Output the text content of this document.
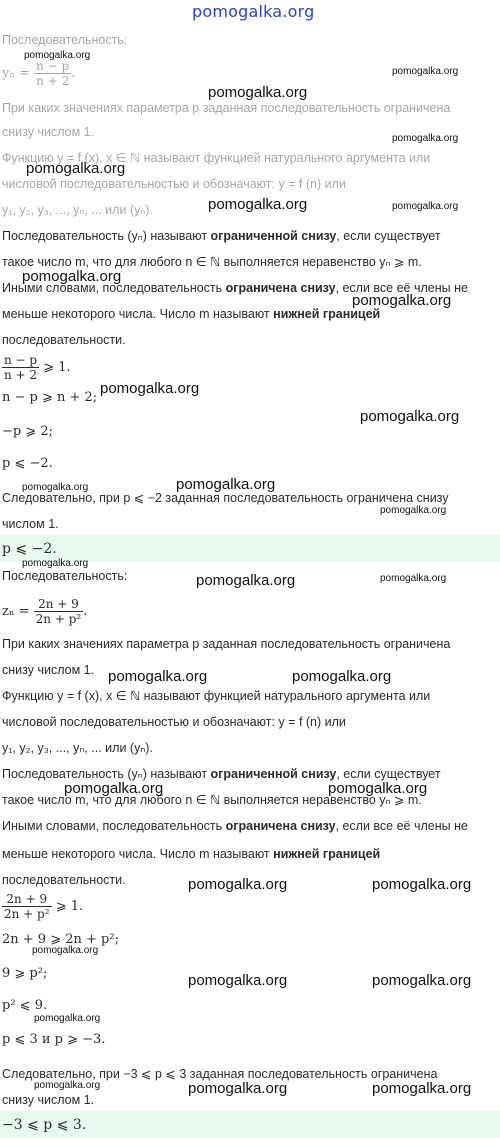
pomogalka.org
Последовательность:
$y_n = \frac{n - p}{n + 2}$ .
При каких значениях параметра p заданная последовательность ограничена
снизу числом 1.
Функцию y = f (x), x ∈ ℕ называют функцией натурального аргумента или
числовой последовательностью и обозначают: y = f (n) или
y₁, y₂, y₃, ..., yₙ, ... или (yₙ).
Последовательность (yₙ) называют ограниченной снизу, если существует
такое число m, что для любого n ∈ ℕ выполняется неравенство yₙ ⩾ m.
Иными словами, последовательность ограничена снизу, если все её члены не
меньше некоторого числа. Число m называют нижней границей
последовательности.
$\frac{n - p}{n + 2}$ ⩾ 1.
n − p ⩾ n + 2;
−p ⩾ 2;
p ⩽ −2.
Следовательно, при p ⩽ −2 заданная последовательность ограничена снизу
числом 1.
p ⩽ −2.
Последовательность:
$z_n = \frac{2n + 9}{\text{2n + p²}}$ .
При каких значениях параметра p заданная последовательность ограничена
снизу числом 1.
Функцию y = f (x), x ∈ ℕ называют функцией натурального аргумента или
числовой последовательностью и обозначают: y = f (n) или
y₁, y₂, y₃, ..., yₙ, ... или (yₙ).
Последовательность (yₙ) называют ограниченной снизу, если существует
такое число m, что для любого n ∈ ℕ выполняется неравенство yₙ ⩾ m.
Иными словами, последовательность ограничена снизу, если все её члены не
меньше некоторого числа. Число m называют нижней границей
последовательности.
$\frac{2n + 9}{\text{2n + p²}}$ ⩾ 1.
2n + 9 ⩾ 2n + p²;
9 ⩾ p²;
p² ⩽ 9.
p ⩽ 3 и p ⩾ −3.
Следовательно, при −3 ⩽ p ⩽ 3 заданная последовательность ограничена
снизу числом 1.
−3 ⩽ p ⩽ 3.
pomogalka.org
pomogalka.org
pomogalka.org
pomogalka.org
pomogalka.org
pomogalka.org	pomogalka.org
pomogalka.org
pomogalka.org
pomogalka.org
pomogalka.org
pomogalka.org	pomogalka.org
pomogalka.org
pomogalka.org
pomogalka.org	pomogalka.org
pomogalka.org	pomogalka.org
pomogalka.org	pomogalka.org
pomogalka.org	pomogalka.org
pomogalka.org
pomogalka.org	pomogalka.org
pomogalka.org
pomogalka.org	pomogalka.org	pomogalka.org
